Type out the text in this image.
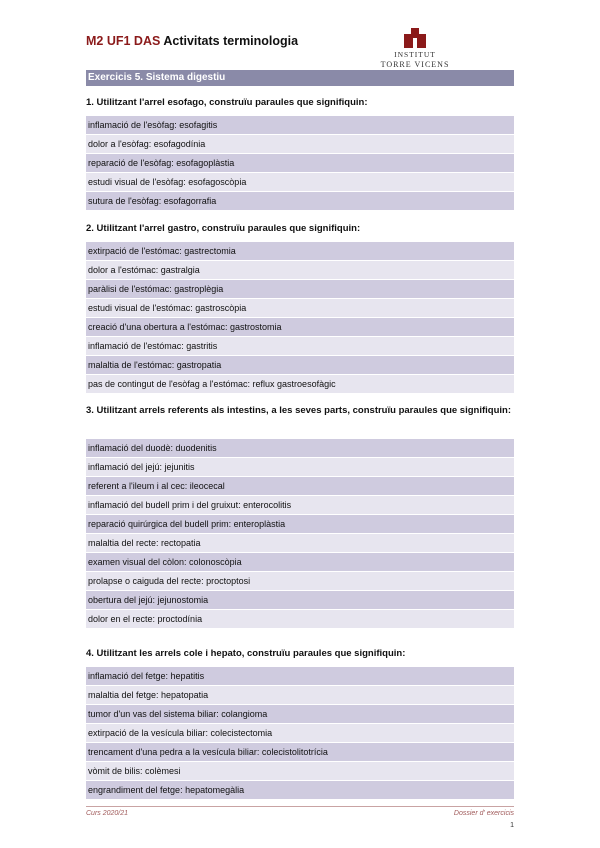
M2 UF1 DAS Activitats terminologia
INSTITUT
TORRE VICENS
Exercicis 5. Sistema digestiu
1. Utilitzant l'arrel esofago, construïu paraules que signifiquin:
inflamació de l'esòfag: esofagitis
dolor a l'esòfag: esofagodínia
reparació de l'esòfag: esofagoplàstia
estudi visual de l'esòfag: esofagoscòpia
sutura de l'esòfag: esofagorrafia
2. Utilitzant l'arrel gastro, construïu paraules que signifiquin:
extirpació de l'estómac: gastrectomia
dolor a l'estómac: gastralgia
paràlisi de l'estómac: gastroplègia
estudi visual de l'estómac: gastroscòpia
creació d'una obertura a l'estómac: gastrostomia
inflamació de l'estómac: gastritis
malaltia de l'estómac: gastropatia
pas de contingut de l'esòfag a l'estómac: reflux gastroesofàgic
3. Utilitzant arrels referents als intestins, a les seves parts, construïu paraules que signifiquin:
inflamació del duodè: duodenitis
inflamació del jejú: jejunitis
referent a l'ileum i al cec: ileocecal
inflamació del budell prim i del gruixut: enterocolitis
reparació quirúrgica del budell prim: enteroplàstia
malaltia del recte: rectopatia
examen visual del còlon: colonoscòpia
prolapse o caiguda del recte: proctoptosi
obertura del jejú: jejunostomia
dolor en el recte: proctodínia
4. Utilitzant les arrels cole i hepato, construïu paraules que signifiquin:
inflamació del fetge: hepatitis
malaltia del fetge: hepatopatia
tumor d'un vas del sistema biliar: colangioma
extirpació de la vesícula biliar: colecistectomia
trencament d'una pedra a la vesícula biliar: colecistolitotrícia
vòmit de bilis: colèmesi
engrandiment del fetge: hepatomegàlia
Curs 2020/21	Dossier d' exercicis
1
